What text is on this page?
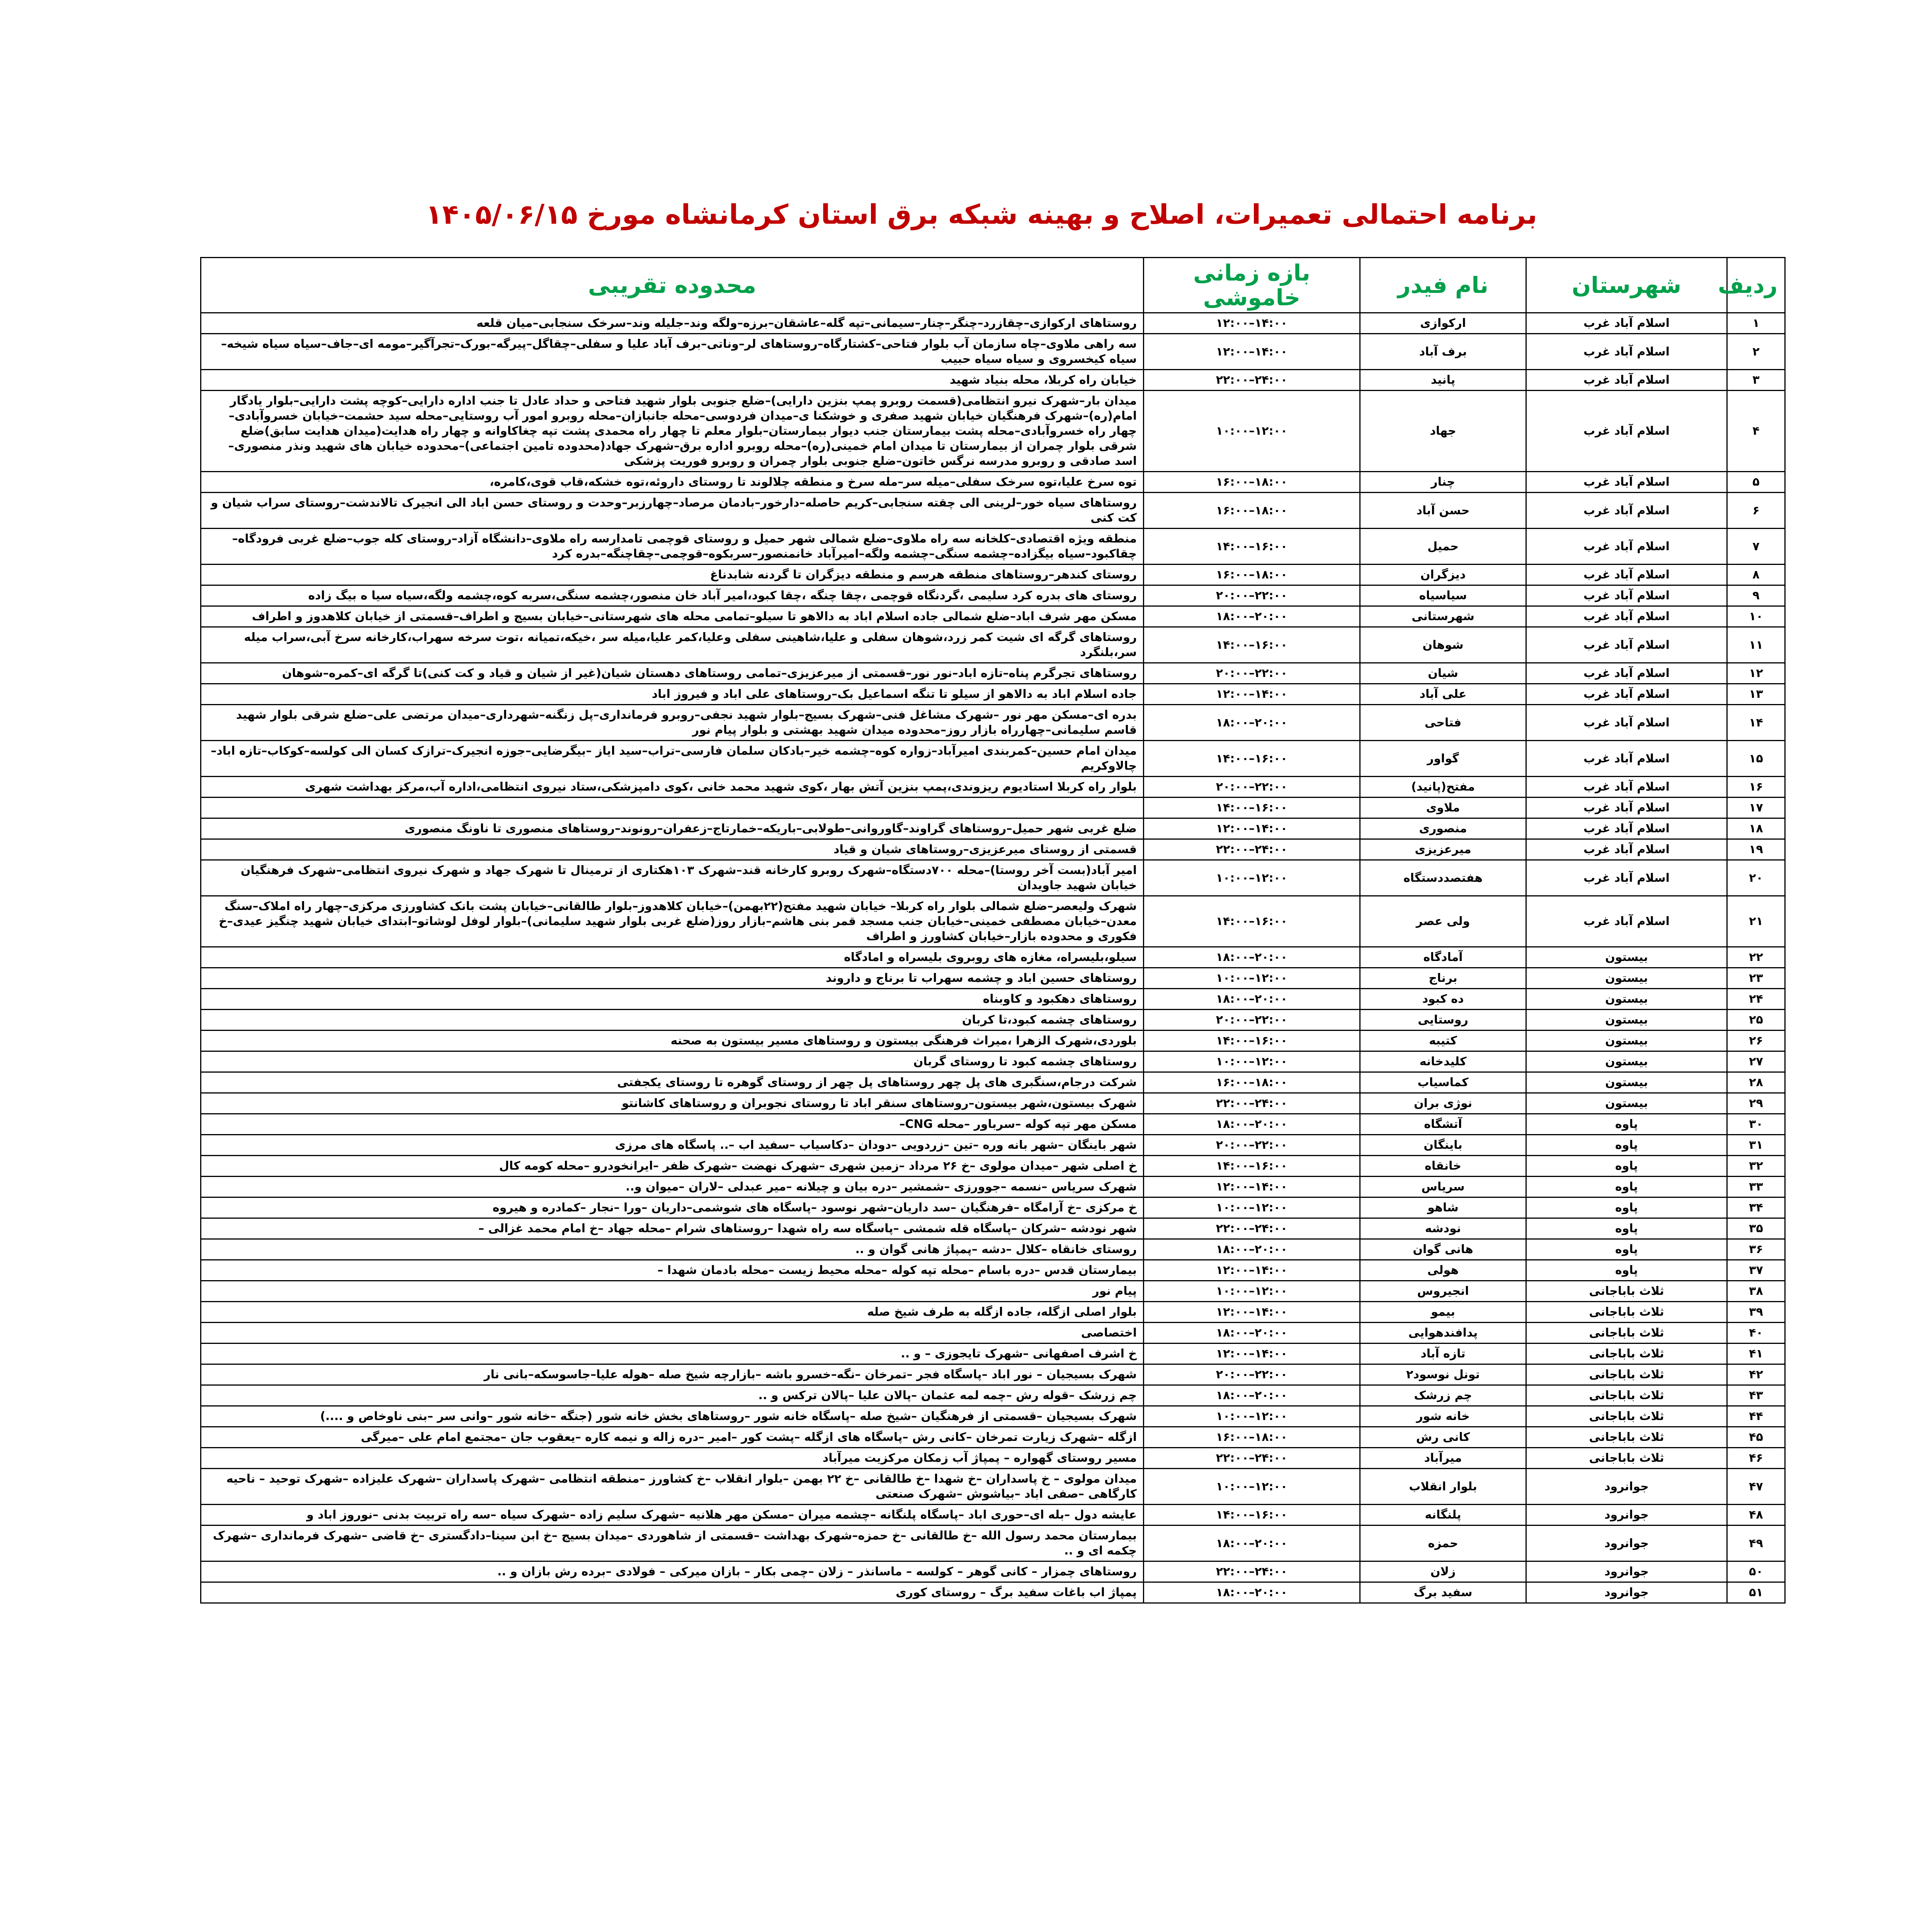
برنامه احتمالی تعمیرات، اصلاح و بهینه شبکه برق استان کرمانشاه مورخ ۱۴۰۵/۰۶/۱۵
ردیف	شهرستان	نام فیدر	بازه زمانی خاموشی	محدوده تقریبی
۱	اسلام آباد غرب	ارکوازی	۱۲:۰۰–۱۴:۰۰	روستاهای ارکوازی–چقازرد–چنگر–چنار–سیمانی–تپه گله–عاشقان–برزه–ولگه وند–جلیله وند–سرخک سنجابی–میان قلعه
۲	اسلام آباد غرب	برف آباد	۱۲:۰۰–۱۴:۰۰	سه راهی ملاوی–چاه سازمان آب بلوار فتاحی–کشتارگاه–روستاهای لر–وناتی–برف آباد علیا و سفلی–چقاگل–پیرگه–بورک–تجرآگیر–مومه ای–جاف–سیاه سیاه شیخه–سیاه کیخسروی و سیاه سیاه حبیب
۳	اسلام آباد غرب	پانید	۲۲:۰۰–۲۴:۰۰	خیابان راه کربلا، محله بنیاد شهید
۴	اسلام آباد غرب	جهاد	۱۰:۰۰–۱۲:۰۰	میدان بار–شهرک نیرو انتظامی(قسمت روبرو پمپ بنزین دارایی)–ضلع جنوبی بلوار شهید فتاحی و حداد عادل تا جنب اداره دارایی–کوچه پشت دارایی–بلوار یادگار امام(ره)–شهرک فرهنگیان خیابان شهید صفری و خوشکنا ی–میدان فردوسی–محله جانبازان–محله روبرو امور آب روستایی–محله سید حشمت–خیابان خسروآبادی–چهار راه خسروآبادی–محله پشت بیمارستان جنب دیوار بیمارستان–بلوار معلم تا چهار راه محمدی پشت تپه چغاکاوانه و چهار راه هدایت(میدان هدایت سابق)ضلع شرقی بلوار چمران از بیمارستان تا میدان امام خمینی(ره)–محله روبرو اداره برق–شهرک جهاد(محدوده تامین اجتماعی)–محدوده خیابان های شهید ونذر منصوری–اسد صادقی و روبرو مدرسه نرگس خاتون–ضلع جنوبی بلوار چمران و روبرو فوریت پزشکی
۵	اسلام آباد غرب	چنار	۱۶:۰۰–۱۸:۰۰	توه سرخ علیا،توه سرخک سفلی–میله سر–مله سرخ و منطقه چلالوند تا روستای داروئه،توه خشکه،قاب قوی،کامره،
۶	اسلام آباد غرب	حسن آباد	۱۶:۰۰–۱۸:۰۰	روستاهای سیاه خور–لرینی الی چقته سنجابی–کریم حاصله–دارخور–بادمان مرصاد–چهارزبر–وحدت و روستای حسن اباد الی انجیرک تالاندشت–روستای سراب شیان و کت کنی
۷	اسلام آباد غرب	حمیل	۱۴:۰۰–۱۶:۰۰	منطقه ویژه اقتصادی–کلخانه سه راه ملاوی–ضلع شمالی شهر حمیل و روستای قوچمی تامدارسه راه ملاوی–دانشگاه آزاد–روستای کله جوب–ضلع غربی فرودگاه–چقاکبود–سیاه بیگزاده–چشمه سنگی–چشمه ولگه–امیرآباد خانمنصور–سربکوه–قوچمی–چقاچنگه–بدره کرد
۸	اسلام آباد غرب	دیزگران	۱۶:۰۰–۱۸:۰۰	روستای کندهر–روستاهای منطقه هرسم و منطقه دیزگران تا گردنه شابدناغ
۹	اسلام آباد غرب	سیاسیاه	۲۰:۰۰–۲۲:۰۰	روستای های بدره کرد سلیمی ،گردنگاه قوچمی ،چقا چنگه ،چقا کبود،امیر آباد خان منصور،چشمه سنگی،سربه کوه،چشمه ولگه،سیاه سیا ه بیگ زاده
۱۰	اسلام آباد غرب	شهرستانی	۱۸:۰۰–۲۰:۰۰	مسکن مهر شرف اباد–ضلع شمالی جاده اسلام اباد به دالاهو تا سیلو–تمامی محله های شهرستانی–خیابان بسیج و اطراف–قسمتی از خیابان کلاهدوز و اطراف
۱۱	اسلام آباد غرب	شوهان	۱۴:۰۰–۱۶:۰۰	روستاهای گرگه ای شیت کمر زرد،شوهان سفلی و علیا،شاهینی سفلی وعلیا،کمر علیا،میله سر ،خیکه،تمیانه ،توت سرخه سهراب،کارخانه سرخ آبی،سراب میله سر،بلنگرد
۱۲	اسلام آباد غرب	شیان	۲۰:۰۰–۲۲:۰۰	روستاهای تجرگرم پناه–تازه اباد–نور نور–قسمتی از میرعزیزی–تمامی روستاهای دهستان شیان(غیر از شیان و قیاد و کت کنی)تا گرگه ای–کمره–شوهان
۱۳	اسلام آباد غرب	علی آباد	۱۲:۰۰–۱۴:۰۰	جاده اسلام اباد به دالاهو از سیلو تا تنگه اسماعیل بک–روستاهای علی اباد و فیروز اباد
۱۴	اسلام آباد غرب	فتاحی	۱۸:۰۰–۲۰:۰۰	بدره ای–مسکن مهر نور –شهرک مشاغل فنی–شهرک بسیج–بلوار شهید نجفی–روبرو فرمانداری–پل زنگنه–شهرداری–میدان مرتضی علی–ضلع شرقی بلوار شهید قاسم سلیمانی–چهارراه بازار روز–محدوده میدان شهید بهشتی و بلوار پیام نور
۱۵	اسلام آباد غرب	گواور	۱۴:۰۰–۱۶:۰۰	میدان امام حسین–کمربندی امیرآباد–زواره کوه–چشمه خیر–بادکان سلمان فارسی–تراب–سید ایاز –بیگرضایی–جوزه انجیرک–ترازک کسان الی کولسه–کوکاب–تازه اباد–چالاوکریم
۱۶	اسلام آباد غرب	مفتح(پانید)	۲۰:۰۰–۲۲:۰۰	بلوار راه کربلا استادیوم ریزوندی،پمپ بنزین آتش بهار ،کوی شهید محمد خانی ،کوی دامپزشکی،ستاد نیروی انتظامی،اداره آب،مرکز بهداشت شهری
۱۷	اسلام آباد غرب	ملاوی	۱۴:۰۰–۱۶:۰۰	
۱۸	اسلام آباد غرب	منصوری	۱۲:۰۰–۱۴:۰۰	ضلع غربی شهر حمیل–روستاهای گراوند–گاوروانی–طولابی–باریکه–خمارتاج–زعفران–رونوند–روستاهای منصوری تا ناونگ منصوری
۱۹	اسلام آباد غرب	میرعزیزی	۲۲:۰۰–۲۴:۰۰	قسمتی از روستای میرعزیزی–روستاهای شیان و قیاد
۲۰	اسلام آباد غرب	هفتصددستگاه	۱۰:۰۰–۱۲:۰۰	امیر آباد(بست آخر روستا)–محله ۷۰۰دستگاه–شهرک روبرو کارخانه قند–شهرک ۱۰۳هکتاری از ترمینال تا شهرک جهاد و شهرک نیروی انتظامی–شهرک فرهنگیان خیابان شهید جاویدان
۲۱	اسلام آباد غرب	ولی عصر	۱۴:۰۰–۱۶:۰۰	شهرک ولیعصر–ضلع شمالی بلوار راه کربلا– خیابان شهید مفتح(۲۲بهمن)–خیابان کلاهدوز–بلوار طالقانی–خیابان پشت بانک کشاورزی مرکزی–چهار راه املاک–سنگ معدن–خیابان مصطفی خمینی–خیابان جنب مسجد قمر بنی هاشم–بازار روز(ضلع غربی بلوار شهید سلیمانی)–بلوار لوفل لوشاتو–ابتدای خیابان شهید چنگیز عیدی–خ فکوری و محدوده بازار–خیابان کشاورز و اطراف
۲۲	بیستون	آمادگاه	۱۸:۰۰–۲۰:۰۰	سیلو،بلیسراه، مغازه های روبروی بلیسراه و امادگاه
۲۳	بیستون	برناج	۱۰:۰۰–۱۲:۰۰	روستاهای حسین اباد و چشمه سهراب تا برناج و داروند
۲۴	بیستون	ده کبود	۱۸:۰۰–۲۰:۰۰	روستاهای دهکبود و کاوبناه
۲۵	بیستون	روستایی	۲۰:۰۰–۲۲:۰۰	روستاهای چشمه کبود،تا کربان
۲۶	بیستون	کتیبه	۱۴:۰۰–۱۶:۰۰	بلوردی،شهرک الزهرا ،میراث فرهنگی بیستون و روستاهای مسیر بیستون به صحنه
۲۷	بیستون	کلیدخانه	۱۰:۰۰–۱۲:۰۰	روستاهای چشمه کبود تا روستای گربان
۲۸	بیستون	کماسیاب	۱۶:۰۰–۱۸:۰۰	شرکت درجام،سنگبری های پل چهر روستاهای پل چهر از روستای گوهره تا روستای یکجفتی
۲۹	بیستون	نوژی بران	۲۲:۰۰–۲۴:۰۰	شهرک بیستون،شهر بیستون–روستاهای سنقر اباد تا روستای نجوبران و روستاهای کاشانتو
۳۰	پاوه	آتشگاه	۱۸:۰۰–۲۰:۰۰	مسکن مهر تپه کوله –سرباور –محله CNG–
۳۱	پاوه	باینگان	۲۰:۰۰–۲۲:۰۰	شهر باینگان –شهر بانه وره –تین –زردویی –دودان –دکاسیاب –سفید اب –.. پاسگاه های مرزی
۳۲	پاوه	خانقاه	۱۴:۰۰–۱۶:۰۰	خ اصلی شهر –میدان مولوی –خ ۲۶ مرداد –زمین شهری –شهرک نهضت –شهرک ظفر –ایرانخودرو –محله کومه کال
۳۳	پاوه	سریاس	۱۲:۰۰–۱۴:۰۰	شهرک سریاس –نسمه –جوورزی –شمشیر –دره بیان و چیلانه –میر عبدلی –لاران –میوان و..
۳۴	پاوه	شاهو	۱۰:۰۰–۱۲:۰۰	خ مرکزی –خ آرامگاه –فرهنگیان –سد داریان–شهر نوسود –پاسگاه های شوشمی–داریان –ورا –نجار –کمادره و هیروه
۳۵	پاوه	نودشه	۲۲:۰۰–۲۴:۰۰	شهر نودشه –شرکان –پاسگاه قله شمشی –پاسگاه سه راه شهدا –روستاهای شرام –محله جهاد –خ امام محمد غزالی –
۳۶	پاوه	هانی گوان	۱۸:۰۰–۲۰:۰۰	روستای خانقاه –کلال –دشه –پمپاژ هانی گوان و ..
۳۷	پاوه	هولی	۱۲:۰۰–۱۴:۰۰	بیمارستان قدس –دره باسام –محله تپه کوله –محله محیط زیست –محله بادمان شهدا –
۳۸	ثلاث باباجانی	انجیروس	۱۰:۰۰–۱۲:۰۰	پیام نور
۳۹	ثلاث باباجانی	بیمو	۱۲:۰۰–۱۴:۰۰	بلوار اصلی ازگله، جاده ازگله به طرف شیخ صله
۴۰	ثلاث باباجانی	پدافندهوایی	۱۸:۰۰–۲۰:۰۰	اختصاصی
۴۱	ثلاث باباجانی	تازه آباد	۱۲:۰۰–۱۴:۰۰	خ اشرف اصفهانی –شهرک تایجوزی – و ..
۴۲	ثلاث باباجانی	تونل نوسود۲	۲۰:۰۰–۲۲:۰۰	شهرک بسیجیان – نور اباد –پاسگاه فجر –تمرخان –نگه–خسرو باشه –بازارچه شیخ صله –هوله علیا–جاسوسکه–بانی نار
۴۳	ثلاث باباجانی	چم زرشک	۱۸:۰۰–۲۰:۰۰	چم زرشک –قوله رش –چمه لمه عثمان –پالان علیا –پالان ترکس و ..
۴۴	ثلاث باباجانی	خانه شور	۱۰:۰۰–۱۲:۰۰	شهرک بسیجیان –قسمتی از فرهنگیان –شیخ صله –پاسگاه خانه شور –روستاهای بخش خانه شور (جنگه –خانه شور –وانی سر –بنی ناوخاص و ....)
۴۵	ثلاث باباجانی	کانی رش	۱۶:۰۰–۱۸:۰۰	ازگله –شهرک زیارت تمرخان –کانی رش –پاسگاه های ازگله –پشت کور –امیر –دره زاله و نیمه کاره –یعقوب جان –مجتمع امام علی –میرگی
۴۶	ثلاث باباجانی	میرآباد	۲۲:۰۰–۲۴:۰۰	مسیر روستای گهواره – پمپاژ آب زمکان مرکزیت میرآباد
۴۷	جوانرود	بلوار انقلاب	۱۰:۰۰–۱۲:۰۰	میدان مولوی – خ پاسداران –خ شهدا –خ طالقانی –خ ۲۲ بهمن –بلوار انقلاب –خ کشاورز –منطقه انتظامی –شهرک پاسداران –شهرک علیزاده –شهرک توحید – ناحیه کارگاهی –صفی اباد –بیاشوش –شهرک صنعتی
۴۸	جوانرود	پلنگانه	۱۴:۰۰–۱۶:۰۰	عایشه دول –بله ای–حوری اباد –پاسگاه پلنگانه –چشمه میران –مسکن مهر هلانیه –شهرک سلیم زاده –شهرک سیاه –سه راه تربیت بدنی –نوروز اباد و
۴۹	جوانرود	حمزه	۱۸:۰۰–۲۰:۰۰	بیمارستان محمد رسول الله –خ طالقانی –خ حمزه–شهرک بهداشت –قسمتی از شاهوردی –میدان بسیج –خ ابن سینا–دادگستری –خ قاضی –شهرک فرمانداری –شهرک چکمه ای و ..
۵۰	جوانرود	زلان	۲۲:۰۰–۲۴:۰۰	روستاهای چمزار – کانی گوهر – کولسه – ماسانذر – زلان –چمی بکار – بازان میرکی – فولادی –برده رش بازان و ..
۵۱	جوانرود	سفید برگ	۱۸:۰۰–۲۰:۰۰	پمپاژ اب باغات سفید برگ – روستای کوری
